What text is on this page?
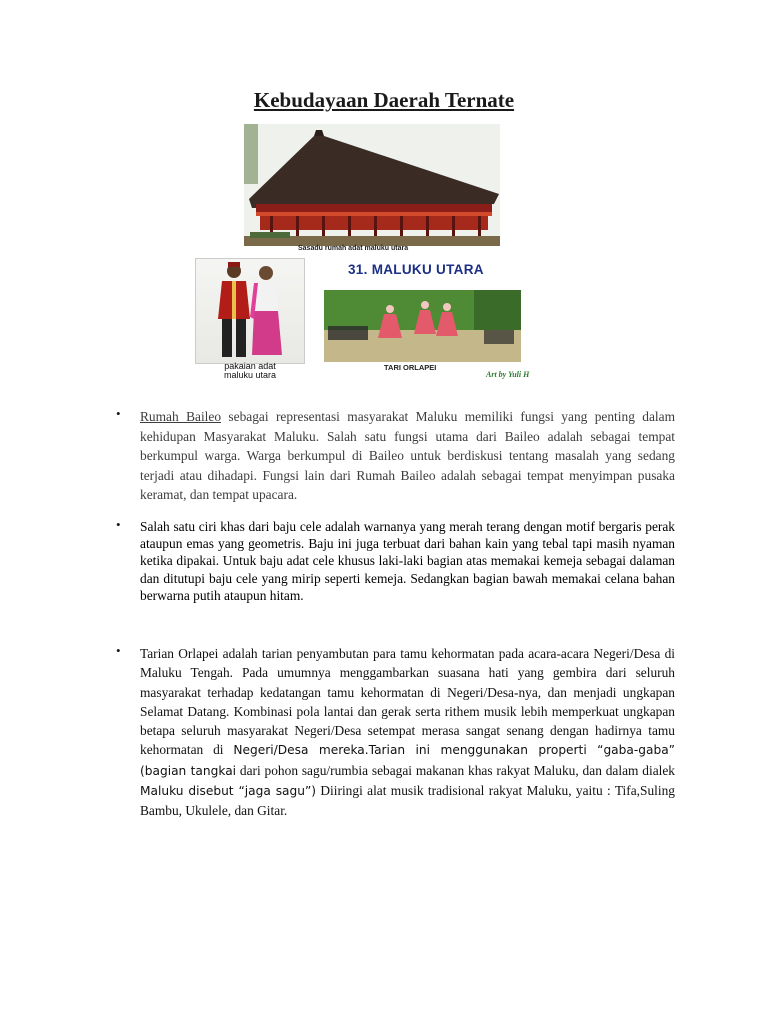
Kebudayaan Daerah Ternate
Sasadu rumah adat maluku utara
pakaian adat
maluku utara
31. MALUKU UTARA
TARI ORLAPEI
Art by Yuli H
• Rumah Baileo sebagai representasi masyarakat Maluku memiliki fungsi yang penting dalam kehidupan Masyarakat Maluku. Salah satu fungsi utama dari Baileo adalah sebagai tempat berkumpul warga. Warga berkumpul di Baileo untuk berdiskusi tentang masalah yang sedang terjadi atau dihadapi. Fungsi lain dari Rumah Baileo adalah sebagai tempat menyimpan pusaka keramat, dan tempat upacara.
• Salah satu ciri khas dari baju cele adalah warnanya yang merah terang dengan motif bergaris perak ataupun emas yang geometris. Baju ini juga terbuat dari bahan kain yang tebal tapi masih nyaman ketika dipakai. Untuk baju adat cele khusus laki-laki bagian atas memakai kemeja sebagai dalaman dan ditutupi baju cele yang mirip seperti kemeja. Sedangkan bagian bawah memakai celana bahan berwarna putih ataupun hitam.
• Tarian Orlapei adalah tarian penyambutan para tamu kehormatan pada acara-acara Negeri/Desa di Maluku Tengah. Pada umumnya menggambarkan suasana hati yang gembira dari seluruh masyarakat terhadap kedatangan tamu kehormatan di Negeri/Desa-nya, dan menjadi ungkapan Selamat Datang. Kombinasi pola lantai dan gerak serta rithem musik lebih memperkuat ungkapan betapa seluruh masyarakat Negeri/Desa setempat merasa sangat senang dengan hadirnya tamu kehormatan di Negeri/Desa mereka.Tarian ini menggunakan properti “gaba-gaba” (bagian tangkai dari pohon sagu/rumbia sebagai makanan khas rakyat Maluku, dan dalam dialek Maluku disebut “jaga sagu”) Diiringi alat musik tradisional rakyat Maluku, yaitu : Tifa,Suling Bambu, Ukulele, dan Gitar.
